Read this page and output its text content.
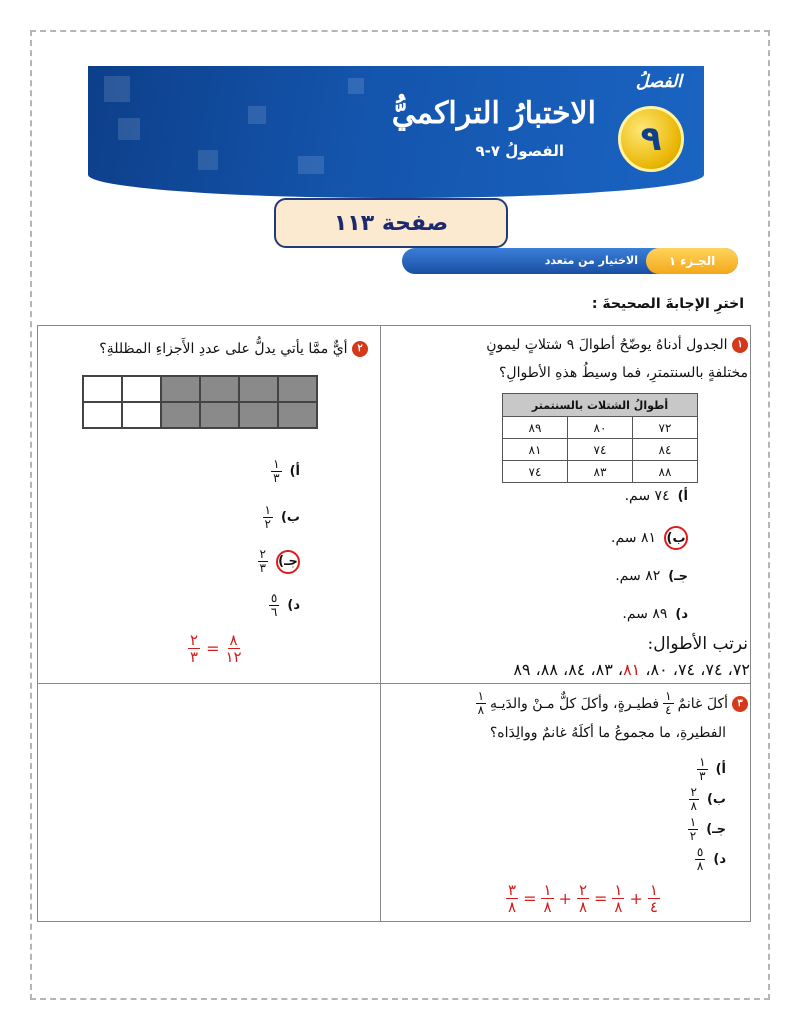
الاختبارُ التراكميُّ
الفصولُ ٧-٩
الفصلُ
٩
صفحة ١١٣
الجـزء ١
الاختيار من متعدد
اخترِ الإجابةَ الصحيحةَ :
١ الجدول أدناهُ يوضّحُ أطوالَ ٩ شتلاتٍ ليمونٍ
مختلفةٍ بالسنتمترِ، فما وسيطُ هذهِ الأطوالِ؟
أطوالُ الشتلات بالسنتمتر		
٧٢	٨٠	٨٩
٨٤	٧٤	٨١
٨٨	٨٣	٧٤
أ)
٧٤ سم.
ب)
٨١ سم.
جـ)
٨٢ سم.
د)
٨٩ سم.
نرتب الأطوال:
٧٢، ٧٤، ٧٤، ٨٠، ٨١، ٨٣، ٨٤، ٨٨، ٨٩
٢ أيٌّ ممَّا يأتي يدلُّ على عددِ الأَجزاءِ المظللةِ؟
أ)
$\frac{١}{٣}$
ب)
$\frac{١}{٢}$
جـ)
$\frac{٢}{٣}$
د)
$\frac{٥}{٦}$
$\frac{٢}{٣} = \frac{٨}{١٢}$
٣
أكلَ غانمٌ
$\frac{١}{٤}$
فطيـرةٍ، وأكلَ كلٌّ مـنْ والدَيـهِ
$\frac{١}{٨}$
الفطيرةِ، ما مجموعُ ما أكلَهُ غانمٌ ووالِدَاه؟
أ)
$\frac{١}{٣}$
ب)
$\frac{٢}{٨}$
جـ)
$\frac{١}{٢}$
د)
$\frac{٥}{٨}$
$\frac{٣}{٨} = \frac{١}{٨} + \frac{٢}{٨} = \frac{١}{٨} + \frac{١}{٤}$
